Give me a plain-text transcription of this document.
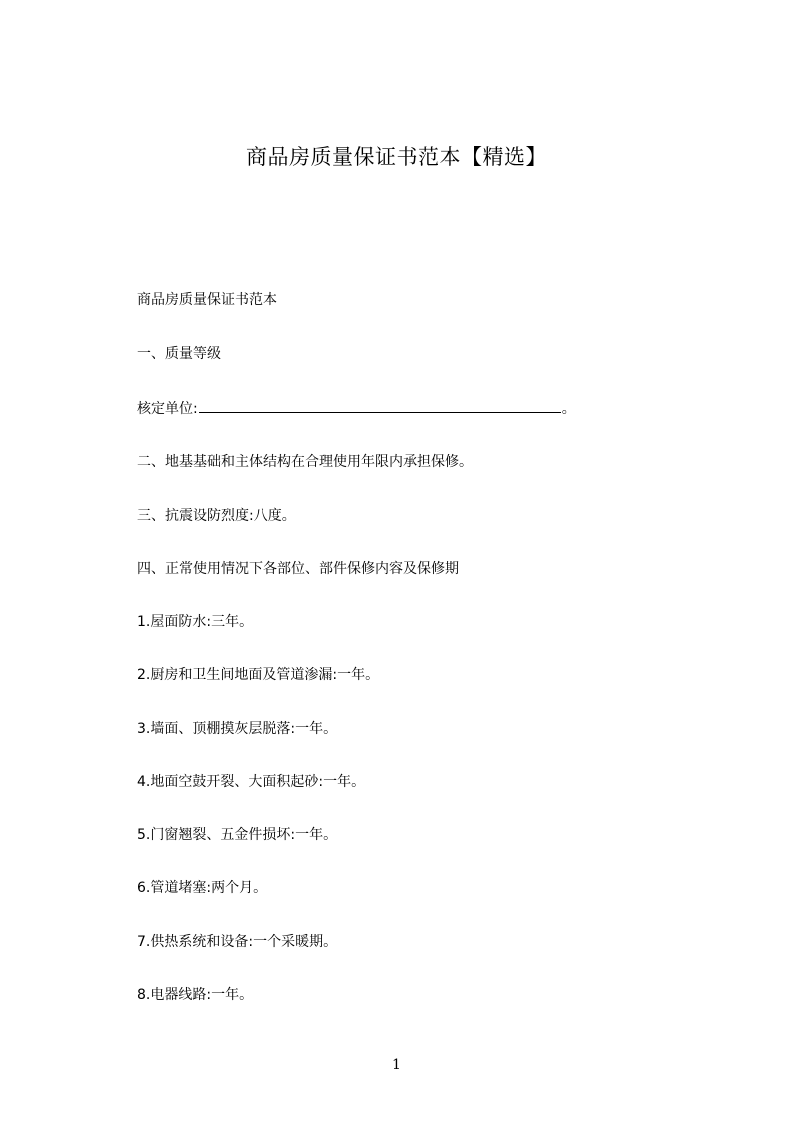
商品房质量保证书范本【精选】
商品房质量保证书范本
一、质量等级
核定单位:	。
二、地基基础和主体结构在合理使用年限内承担保修。
三、抗震设防烈度:八度。
四、正常使用情况下各部位、部件保修内容及保修期
1.屋面防水:三年。
2.厨房和卫生间地面及管道渗漏:一年。
3.墙面、顶棚摸灰层脱落:一年。
4.地面空鼓开裂、大面积起砂:一年。
5.门窗翘裂、五金件损坏:一年。
6.管道堵塞:两个月。
7.供热系统和设备:一个采暖期。
8.电器线路:一年。
1
